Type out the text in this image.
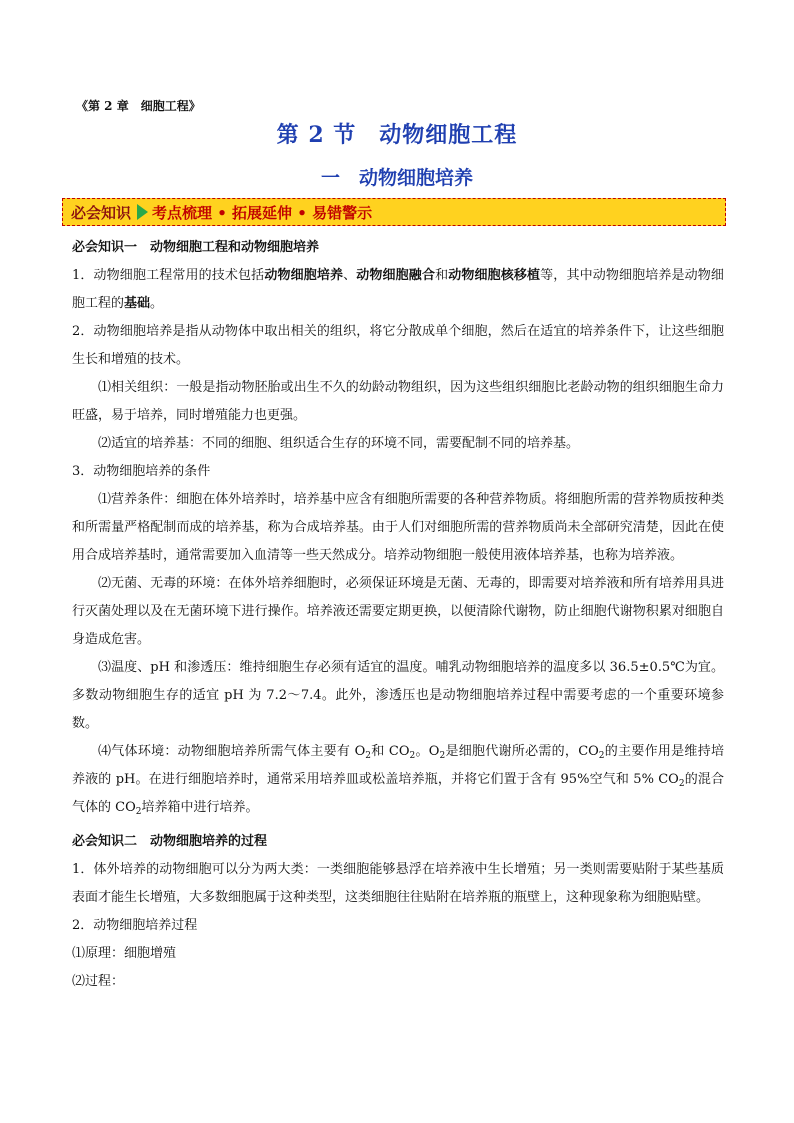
《第 2 章　细胞工程》
第 2 节　动物细胞工程
一　动物细胞培养
必会知识 考点梳理 • 拓展延伸 • 易错警示

必会知识一　动物细胞工程和动物细胞培养

1．动物细胞工程常用的技术包括动物细胞培养、动物细胞融合和动物细胞核移植等，其中动物细胞培养是动物细胞工程的基础。

2．动物细胞培养是指从动物体中取出相关的组织，将它分散成单个细胞，然后在适宜的培养条件下，让这些细胞生长和增殖的技术。

⑴相关组织：一般是指动物胚胎或出生不久的幼龄动物组织，因为这些组织细胞比老龄动物的组织细胞生命力旺盛，易于培养，同时增殖能力也更强。

⑵适宜的培养基：不同的细胞、组织适合生存的环境不同，需要配制不同的培养基。

3．动物细胞培养的条件

⑴营养条件：细胞在体外培养时，培养基中应含有细胞所需要的各种营养物质。将细胞所需的营养物质按种类和所需量严格配制而成的培养基，称为合成培养基。由于人们对细胞所需的营养物质尚未全部研究清楚，因此在使用合成培养基时，通常需要加入血清等一些天然成分。培养动物细胞一般使用液体培养基，也称为培养液。

⑵无菌、无毒的环境：在体外培养细胞时，必须保证环境是无菌、无毒的，即需要对培养液和所有培养用具进行灭菌处理以及在无菌环境下进行操作。培养液还需要定期更换，以便清除代谢物，防止细胞代谢物积累对细胞自身造成危害。

⑶温度、pH 和渗透压：维持细胞生存必须有适宜的温度。哺乳动物细胞培养的温度多以 36.5±0.5℃为宜。多数动物细胞生存的适宜 pH 为 7.2～7.4。此外，渗透压也是动物细胞培养过程中需要考虑的一个重要环境参数。

⑷气体环境：动物细胞培养所需气体主要有 $O_2$和 $CO_2$。$O_2$是细胞代谢所必需的，$CO_2$的主要作用是维持培养液的 pH。在进行细胞培养时，通常采用培养皿或松盖培养瓶，并将它们置于含有 95%空气和 5% $CO_2$的混合气体的 $CO_2$培养箱中进行培养。

必会知识二　动物细胞培养的过程

1．体外培养的动物细胞可以分为两大类：一类细胞能够悬浮在培养液中生长增殖；另一类则需要贴附于某些基质表面才能生长增殖，大多数细胞属于这种类型，这类细胞往往贴附在培养瓶的瓶壁上，这种现象称为细胞贴壁。

2．动物细胞培养过程

⑴原理：细胞增殖

⑵过程：
